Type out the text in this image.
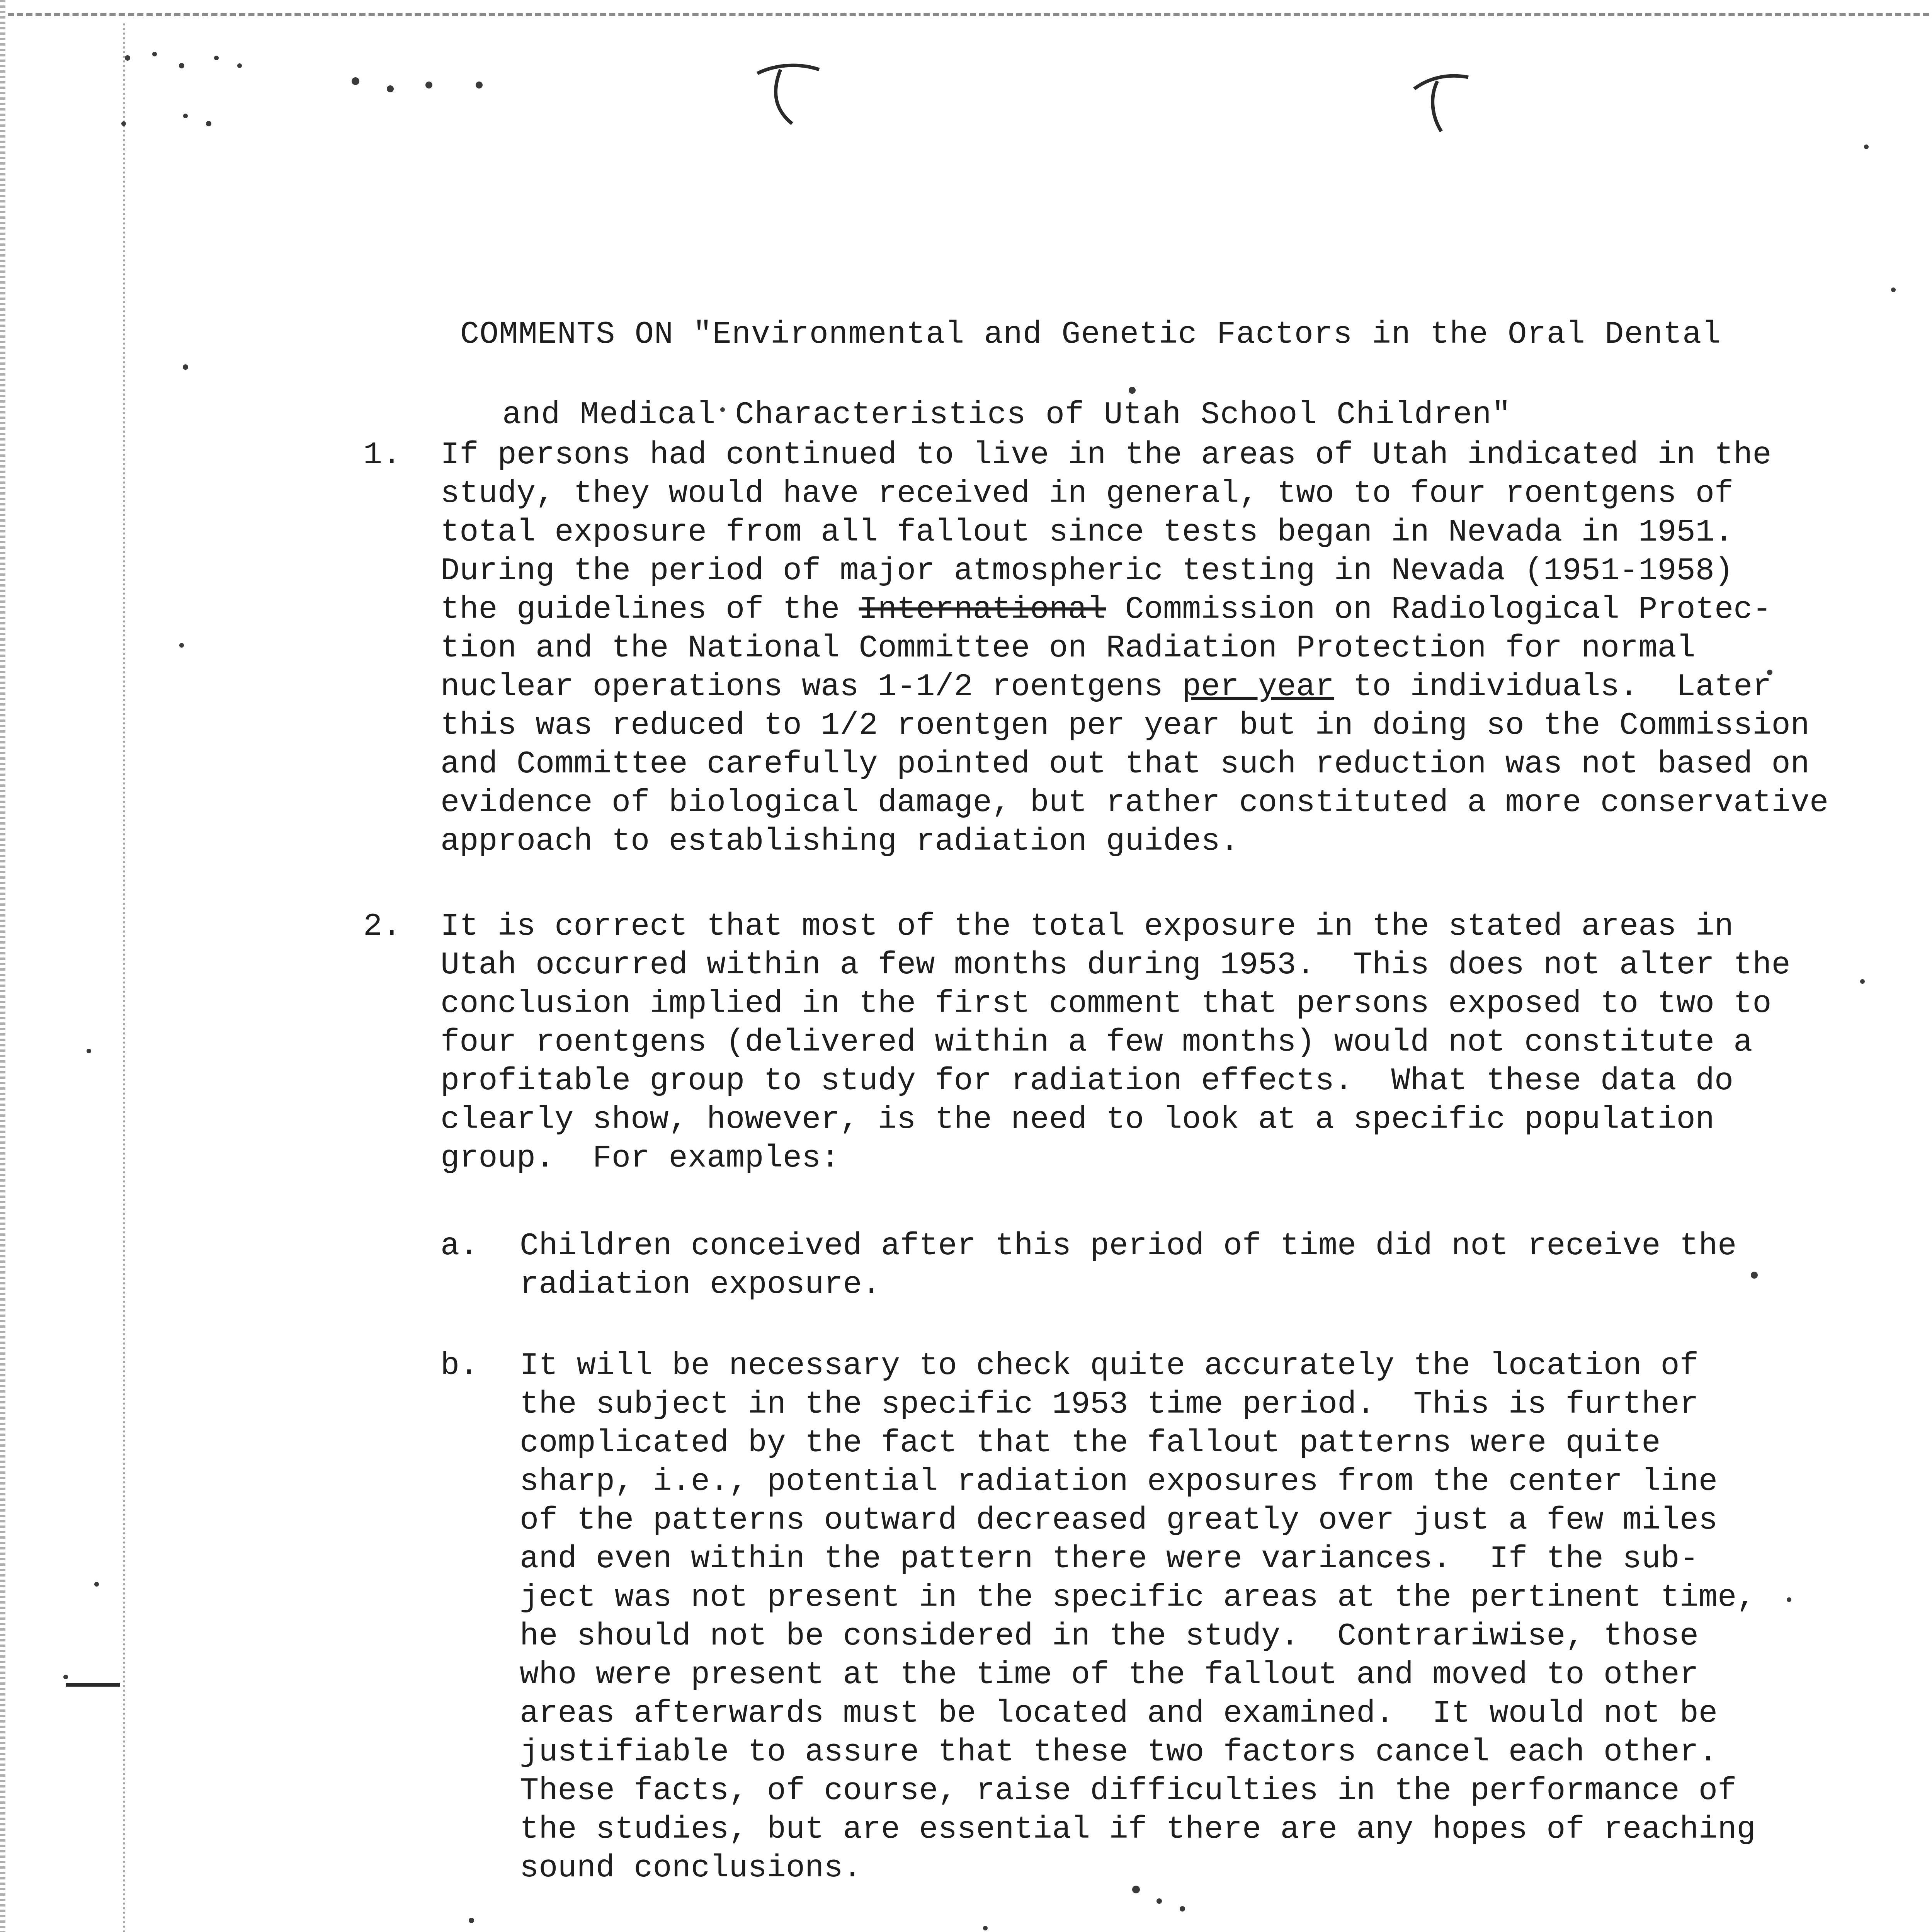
COMMENTS ON "Environmental and Genetic Factors in the Oral Dental

and Medical Characteristics of Utah School Children"

1. If persons had continued to live in the areas of Utah indicated in the
study, they would have received in general, two to four roentgens of
total exposure from all fallout since tests began in Nevada in 1951.
During the period of major atmospheric testing in Nevada (1951-1958)
the guidelines of the International Commission on Radiological Protec-
tion and the National Committee on Radiation Protection for normal
nuclear operations was 1-1/2 roentgens per year to individuals.  Later
this was reduced to 1/2 roentgen per year but in doing so the Commission
and Committee carefully pointed out that such reduction was not based on
evidence of biological damage, but rather constituted a more conservative
approach to establishing radiation guides.
2. It is correct that most of the total exposure in the stated areas in
Utah occurred within a few months during 1953.  This does not alter the
conclusion implied in the first comment that persons exposed to two to
four roentgens (delivered within a few months) would not constitute a
profitable group to study for radiation effects.  What these data do
clearly show, however, is the need to look at a specific population
group.  For examples:
a. Children conceived after this period of time did not receive the
radiation exposure.
b. It will be necessary to check quite accurately the location of
the subject in the specific 1953 time period.  This is further
complicated by the fact that the fallout patterns were quite
sharp, i.e., potential radiation exposures from the center line
of the patterns outward decreased greatly over just a few miles
and even within the pattern there were variances.  If the sub-
ject was not present in the specific areas at the pertinent time,
he should not be considered in the study.  Contrariwise, those
who were present at the time of the fallout and moved to other
areas afterwards must be located and examined.  It would not be
justifiable to assure that these two factors cancel each other.
These facts, of course, raise difficulties in the performance of
the studies, but are essential if there are any hopes of reaching
sound conclusions.
